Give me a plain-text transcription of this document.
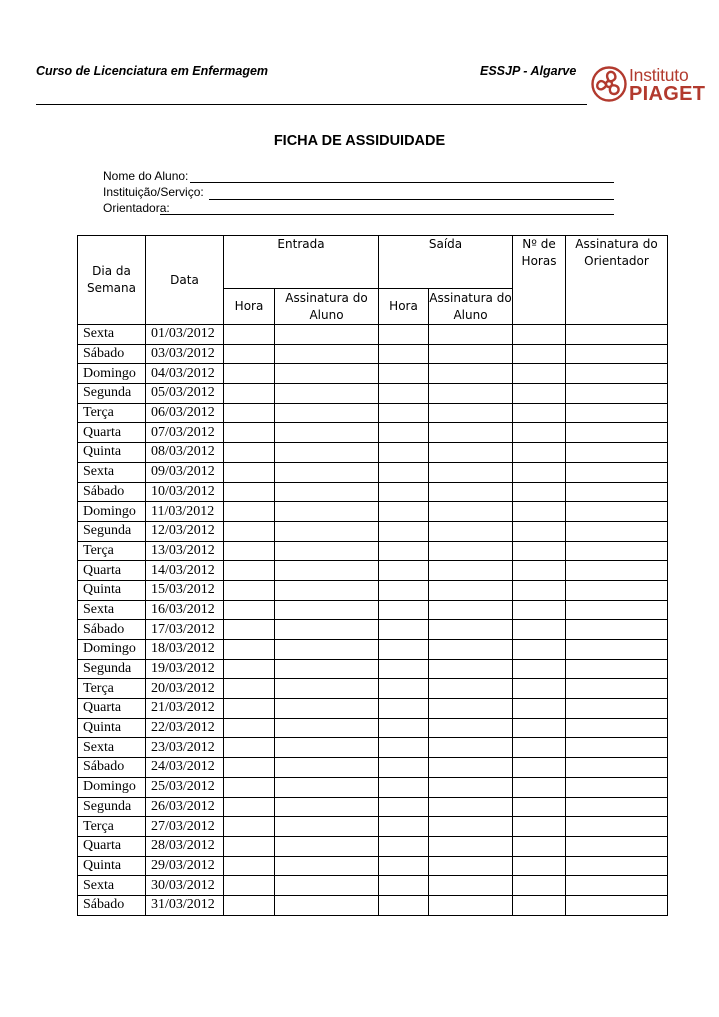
Curso de Licenciatura em Enfermagem	ESSJP - Algarve	Instituto
PIAGET
FICHA DE ASSIDUIDADE
Nome do Aluno:
Instituição/Serviço:
Orientadora:
Dia da Semana	Data	Entrada		Saída		Nº de Horas	Assinatura do Orientador
		Hora	Assinatura do Aluno	Hora	Assinatura do Aluno		
Sexta	01/03/2012						
Sábado	03/03/2012						
Domingo	04/03/2012						
Segunda	05/03/2012						
Terça	06/03/2012						
Quarta	07/03/2012						
Quinta	08/03/2012						
Sexta	09/03/2012						
Sábado	10/03/2012						
Domingo	11/03/2012						
Segunda	12/03/2012						
Terça	13/03/2012						
Quarta	14/03/2012						
Quinta	15/03/2012						
Sexta	16/03/2012						
Sábado	17/03/2012						
Domingo	18/03/2012						
Segunda	19/03/2012						
Terça	20/03/2012						
Quarta	21/03/2012						
Quinta	22/03/2012						
Sexta	23/03/2012						
Sábado	24/03/2012						
Domingo	25/03/2012						
Segunda	26/03/2012						
Terça	27/03/2012						
Quarta	28/03/2012						
Quinta	29/03/2012						
Sexta	30/03/2012						
Sábado	31/03/2012						
